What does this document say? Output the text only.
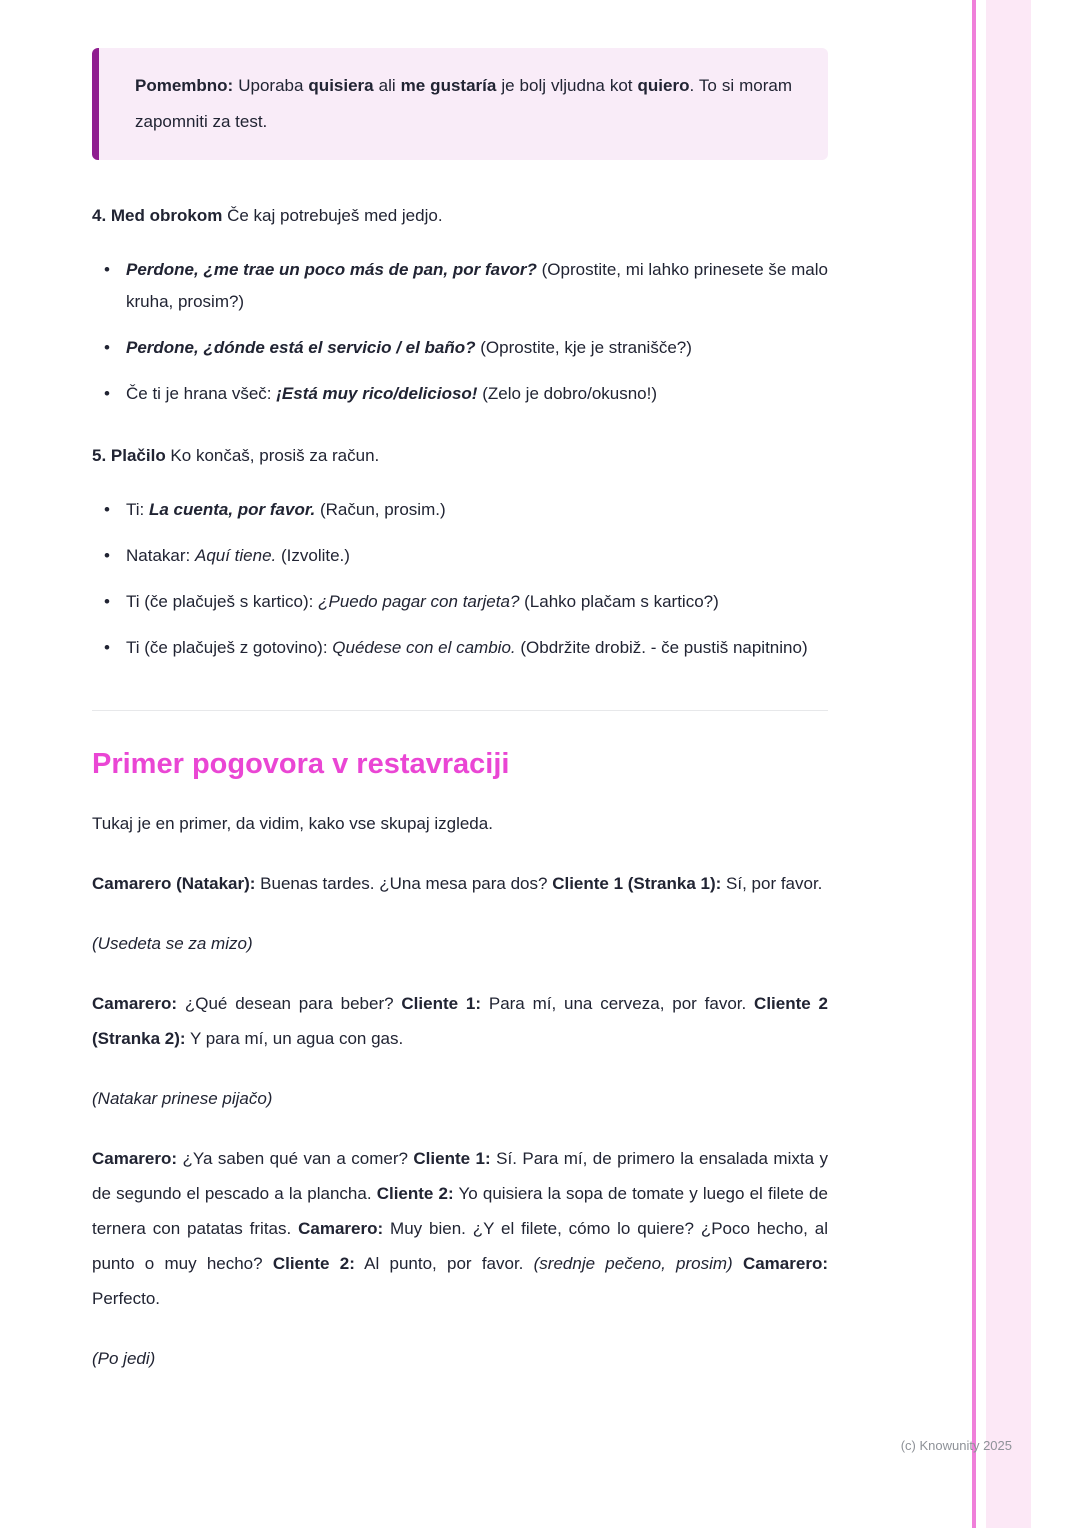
Pomembno: Uporaba quisiera ali me gustaría je bolj vljudna kot quiero. To si moram zapomniti za test.

4. Med obrokom Če kaj potrebuješ med jedjo.

• Perdone, ¿me trae un poco más de pan, por favor? (Oprostite, mi lahko prinesete še malo kruha, prosim?)
• Perdone, ¿dónde está el servicio / el baño? (Oprostite, kje je stranišče?)
• Če ti je hrana všeč: ¡Está muy rico/delicioso! (Zelo je dobro/okusno!)

5. Plačilo Ko končaš, prosiš za račun.

• Ti: La cuenta, por favor. (Račun, prosim.)
• Natakar: Aquí tiene. (Izvolite.)
• Ti (če plačuješ s kartico): ¿Puedo pagar con tarjeta? (Lahko plačam s kartico?)
• Ti (če plačuješ z gotovino): Quédese con el cambio. (Obdržite drobiž. - če pustiš napitnino)
Primer pogovora v restavraciji

Tukaj je en primer, da vidim, kako vse skupaj izgleda.

Camarero (Natakar): Buenas tardes. ¿Una mesa para dos? Cliente 1 (Stranka 1): Sí, por favor.

(Usedeta se za mizo)

Camarero: ¿Qué desean para beber? Cliente 1: Para mí, una cerveza, por favor. Cliente 2 (Stranka 2): Y para mí, un agua con gas.

(Natakar prinese pijačo)

Camarero: ¿Ya saben qué van a comer? Cliente 1: Sí. Para mí, de primero la ensalada mixta y de segundo el pescado a la plancha. Cliente 2: Yo quisiera la sopa de tomate y luego el filete de ternera con patatas fritas. Camarero: Muy bien. ¿Y el filete, cómo lo quiere? ¿Poco hecho, al punto o muy hecho? Cliente 2: Al punto, por favor. (srednje pečeno, prosim) Camarero: Perfecto.

(Po jedi)

(c) Knowunity 2025
